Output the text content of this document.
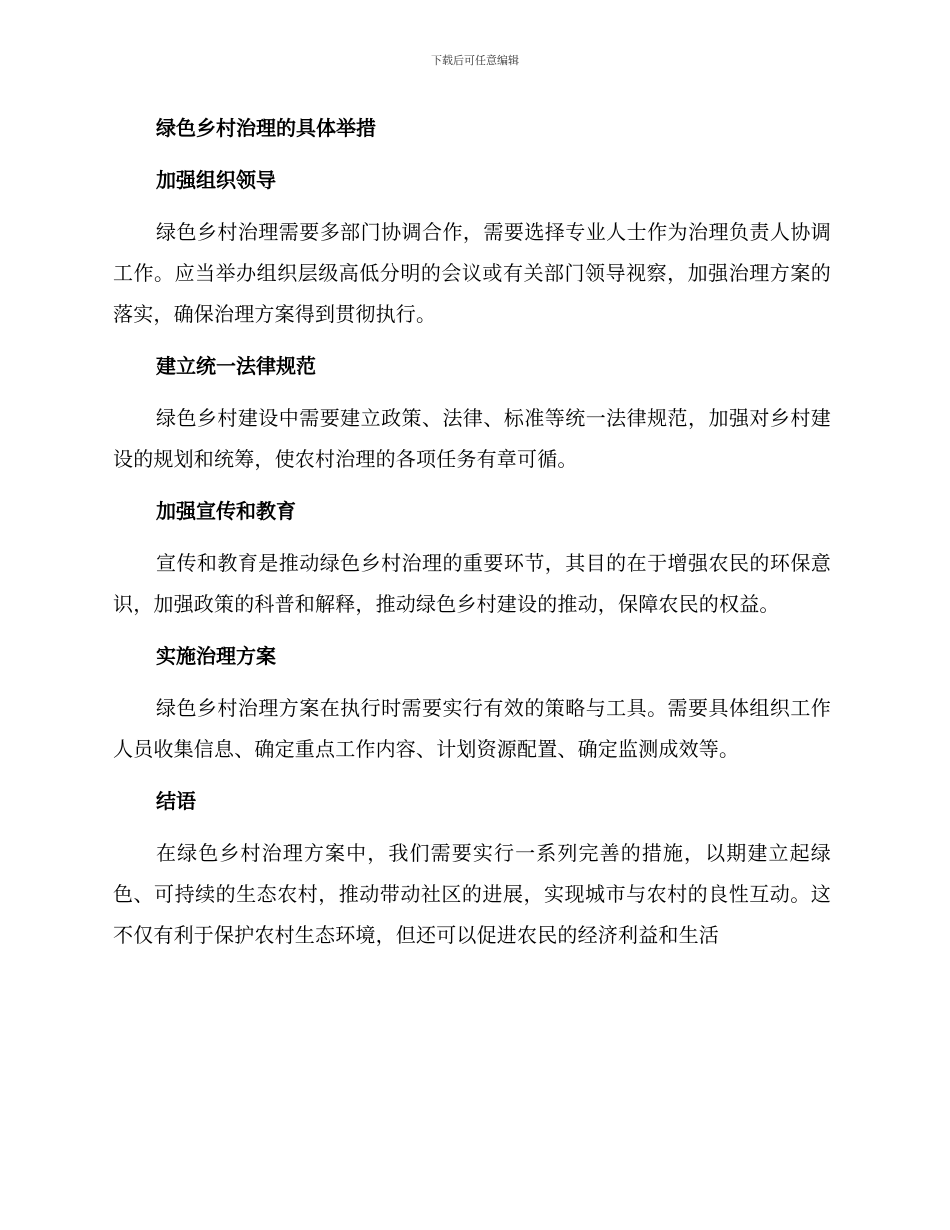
下载后可任意编辑
绿色乡村治理的具体举措
加强组织领导
绿色乡村治理需要多部门协调合作，需要选择专业人士作为治理负责人协调工作。应当举办组织层级高低分明的会议或有关部门领导视察，加强治理方案的落实，确保治理方案得到贯彻执行。
建立统一法律规范
绿色乡村建设中需要建立政策、法律、标准等统一法律规范，加强对乡村建设的规划和统筹，使农村治理的各项任务有章可循。
加强宣传和教育
宣传和教育是推动绿色乡村治理的重要环节，其目的在于增强农民的环保意识，加强政策的科普和解释，推动绿色乡村建设的推动，保障农民的权益。
实施治理方案
绿色乡村治理方案在执行时需要实行有效的策略与工具。需要具体组织工作人员收集信息、确定重点工作内容、计划资源配置、确定监测成效等。
结语
在绿色乡村治理方案中，我们需要实行一系列完善的措施，以期建立起绿色、可持续的生态农村，推动带动社区的进展，实现城市与农村的良性互动。这不仅有利于保护农村生态环境，但还可以促进农民的经济利益和生活
